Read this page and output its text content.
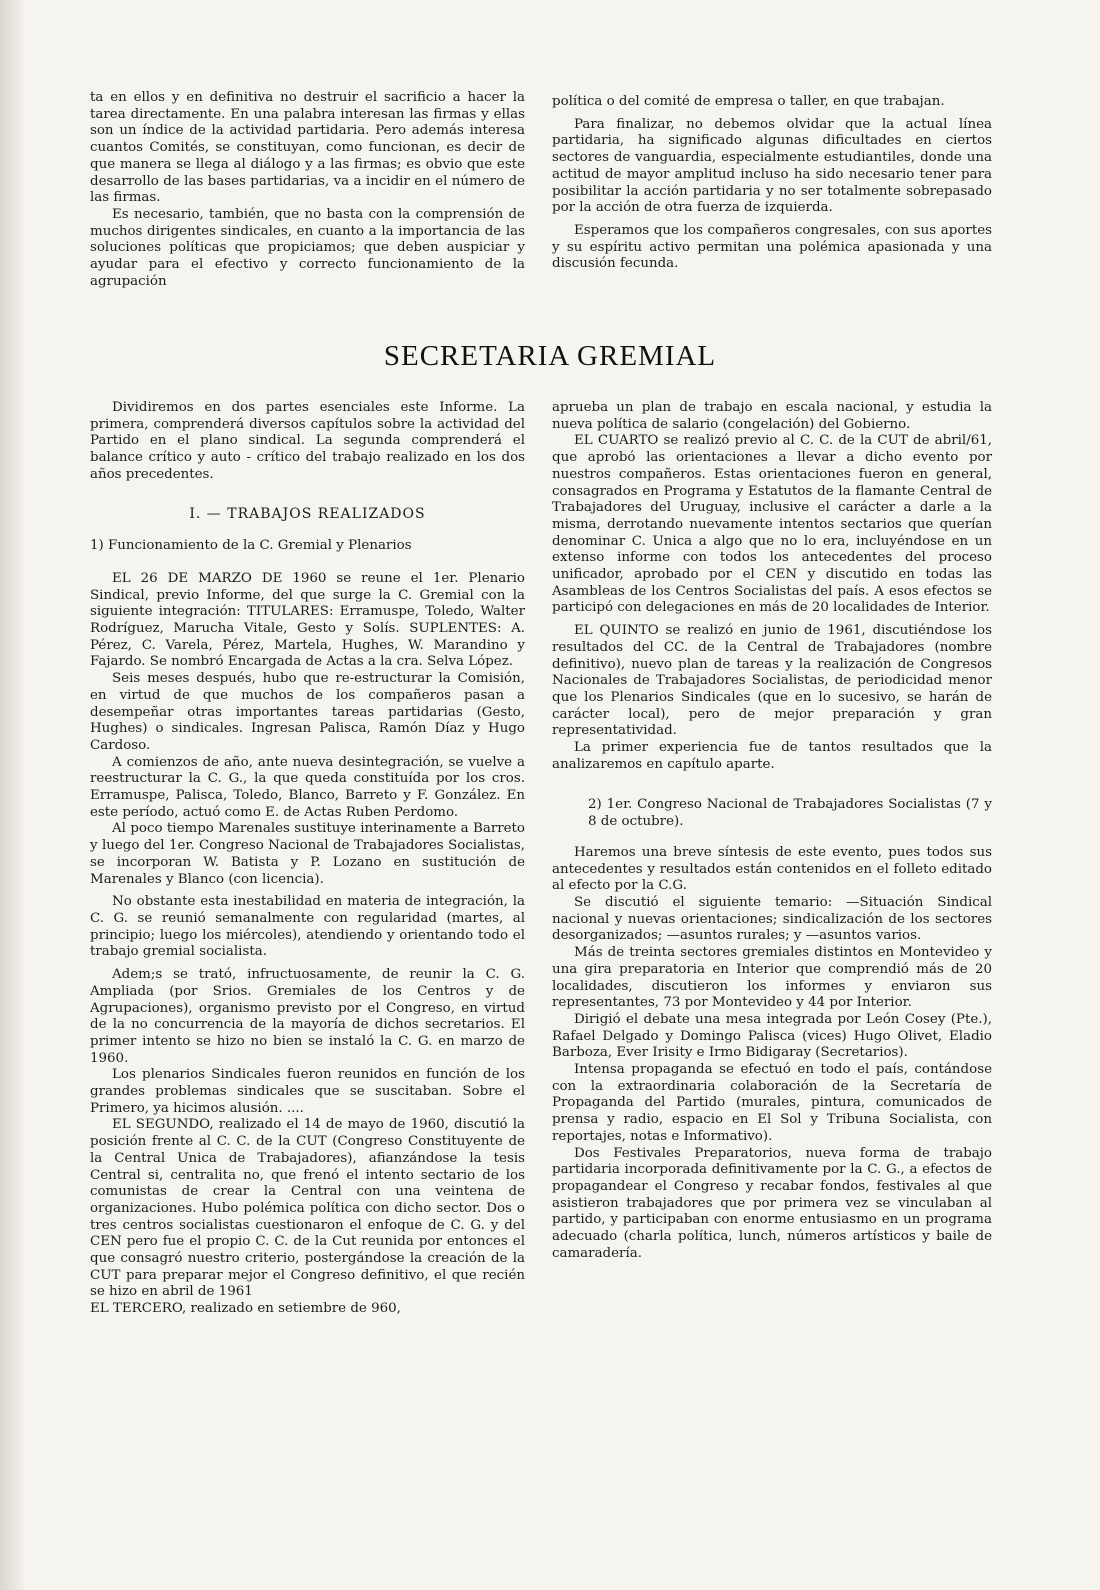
ta en ellos y en definitiva no destruir el sacrificio a hacer la tarea directamente. En una palabra interesan las firmas y ellas son un índice de la actividad partidaria. Pero además interesa cuantos Comités, se constituyan, como funcionan, es decir de que manera se llega al diálogo y a las firmas; es obvio que este desarrollo de las bases partidarias, va a incidir en el número de las firmas.

Es necesario, también, que no basta con la comprensión de muchos dirigentes sindicales, en cuanto a la importancia de las soluciones políticas que propiciamos; que deben auspiciar y ayudar para el efectivo y correcto funcionamiento de la agrupación

política o del comité de empresa o taller, en que trabajan.

Para finalizar, no debemos olvidar que la actual línea partidaria, ha significado algunas dificultades en ciertos sectores de vanguardia, especialmente estudiantiles, donde una actitud de mayor amplitud incluso ha sido necesario tener para posibilitar la acción partidaria y no ser totalmente sobrepasado por la acción de otra fuerza de izquierda.

Esperamos que los compañeros congresales, con sus aportes y su espíritu activo permitan una polémica apasionada y una discusión fecunda.

SECRETARIA GREMIAL

Dividiremos en dos partes esenciales este Informe. La primera, comprenderá diversos capítulos sobre la actividad del Partido en el plano sindical. La segunda comprenderá el balance crítico y auto - crítico del trabajo realizado en los dos años precedentes.

I. — TRABAJOS REALIZADOS

1) Funcionamiento de la C. Gremial y Plenarios

EL 26 DE MARZO DE 1960 se reune el 1er. Plenario Sindical, previo Informe, del que surge la C. Gremial con la siguiente integración: TITULARES: Erramuspe, Toledo, Walter Rodríguez, Marucha Vitale, Gesto y Solís. SUPLENTES: A. Pérez, C. Varela, Pérez, Martela, Hughes, W. Marandino y Fajardo. Se nombró Encargada de Actas a la cra. Selva López.

Seis meses después, hubo que re-estructurar la Comisión, en virtud de que muchos de los compañeros pasan a desempeñar otras importantes tareas partidarias (Gesto, Hughes) o sindicales. Ingresan Palisca, Ramón Díaz y Hugo Cardoso.

A comienzos de año, ante nueva desintegración, se vuelve a reestructurar la C. G., la que queda constituída por los cros. Erramuspe, Palisca, Toledo, Blanco, Barreto y F. González. En este período, actuó como E. de Actas Ruben Perdomo.

Al poco tiempo Marenales sustituye interinamente a Barreto y luego del 1er. Congreso Nacional de Trabajadores Socialistas, se incorporan W. Batista y P. Lozano en sustitución de Marenales y Blanco (con licencia).

No obstante esta inestabilidad en materia de integración, la C. G. se reunió semanalmente con regularidad (martes, al principio; luego los miércoles), atendiendo y orientando todo el trabajo gremial socialista.

Adem;s se trató, infructuosamente, de reunir la C. G. Ampliada (por Srios. Gremiales de los Centros y de Agrupaciones), organismo previsto por el Congreso, en virtud de la no concurrencia de la mayoría de dichos secretarios. El primer intento se hizo no bien se instaló la C. G. en marzo de 1960.

Los plenarios Sindicales fueron reunidos en función de los grandes problemas sindicales que se suscitaban. Sobre el Primero, ya hicimos alusión. ....

EL SEGUNDO, realizado el 14 de mayo de 1960, discutió la posición frente al C. C. de la CUT (Congreso Constituyente de la Central Unica de Trabajadores), afianzándose la tesis Central si, centralita no, que frenó el intento sectario de los comunistas de crear la Central con una veintena de organizaciones. Hubo polémica política con dicho sector. Dos o tres centros socialistas cuestionaron el enfoque de C. G. y del CEN pero fue el propio C. C. de la Cut reunida por entonces el que consagró nuestro criterio, postergándose la creación de la CUT para preparar mejor el Congreso definitivo, el que recién se hizo en abril de 1961

EL TERCERO, realizado en setiembre de 960,

aprueba un plan de trabajo en escala nacional, y estudia la nueva política de salario (congelación) del Gobierno.

EL CUARTO se realizó previo al C. C. de la CUT de abril/61, que aprobó las orientaciones a llevar a dicho evento por nuestros compañeros. Estas orientaciones fueron en general, consagrados en Programa y Estatutos de la flamante Central de Trabajadores del Uruguay, inclusive el carácter a darle a la misma, derrotando nuevamente intentos sectarios que querían denominar C. Unica a algo que no lo era, incluyéndose en un extenso informe con todos los antecedentes del proceso unificador, aprobado por el CEN y discutido en todas las Asambleas de los Centros Socialistas del país. A esos efectos se participó con delegaciones en más de 20 localidades de Interior.

EL QUINTO se realizó en junio de 1961, discutiéndose los resultados del CC. de la Central de Trabajadores (nombre definitivo), nuevo plan de tareas y la realización de Congresos Nacionales de Trabajadores Socialistas, de periodicidad menor que los Plenarios Sindicales (que en lo sucesivo, se harán de carácter local), pero de mejor preparación y gran representatividad.

La primer experiencia fue de tantos resultados que la analizaremos en capítulo aparte.

2) 1er. Congreso Nacional de Trabajadores Socialistas (7 y 8 de octubre).

Haremos una breve síntesis de este evento, pues todos sus antecedentes y resultados están contenidos en el folleto editado al efecto por la C.G.

Se discutió el siguiente temario: —Situación Sindical nacional y nuevas orientaciones; sindicalización de los sectores desorganizados; —asuntos rurales; y —asuntos varios.

Más de treinta sectores gremiales distintos en Montevideo y una gira preparatoria en Interior que comprendió más de 20 localidades, discutieron los informes y enviaron sus representantes, 73 por Montevideo y 44 por Interior.

Dirigió el debate una mesa integrada por León Cosey (Pte.), Rafael Delgado y Domingo Palisca (vices) Hugo Olivet, Eladio Barboza, Ever Irisity e Irmo Bidigaray (Secretarios).

Intensa propaganda se efectuó en todo el país, contándose con la extraordinaria colaboración de la Secretaría de Propaganda del Partido (murales, pintura, comunicados de prensa y radio, espacio en El Sol y Tribuna Socialista, con reportajes, notas e Informativo).

Dos Festivales Preparatorios, nueva forma de trabajo partidaria incorporada definitivamente por la C. G., a efectos de propagandear el Congreso y recabar fondos, festivales al que asistieron trabajadores que por primera vez se vinculaban al partido, y participaban con enorme entusiasmo en un programa adecuado (charla política, lunch, números artísticos y baile de camaradería.
